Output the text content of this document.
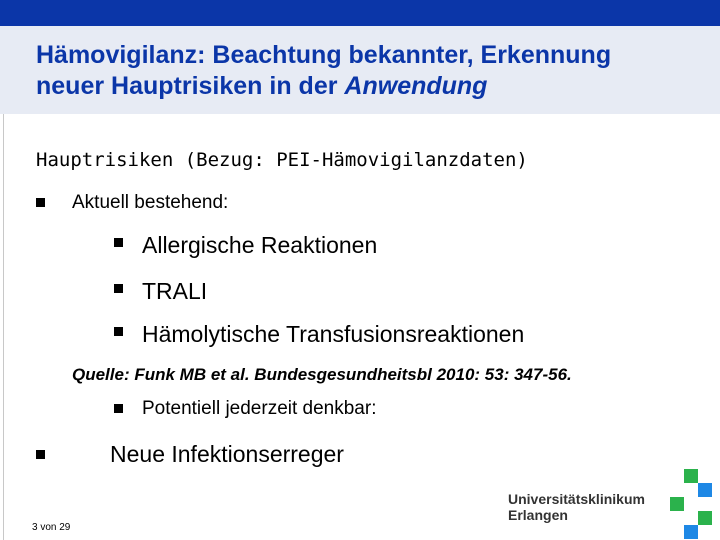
Hämovigilanz: Beachtung bekannter, Erkennung
neuer Hauptrisiken in der Anwendung
Hauptrisiken (Bezug: PEI-Hämovigilanzdaten)
Aktuell bestehend:
Allergische Reaktionen
TRALI
Hämolytische Transfusionsreaktionen
Quelle: Funk MB et al. Bundesgesundheitsbl 2010: 53: 347-56.
Potentiell jederzeit denkbar:
Neue Infektionserreger
3 von 29
Universitätsklinikum
Erlangen
